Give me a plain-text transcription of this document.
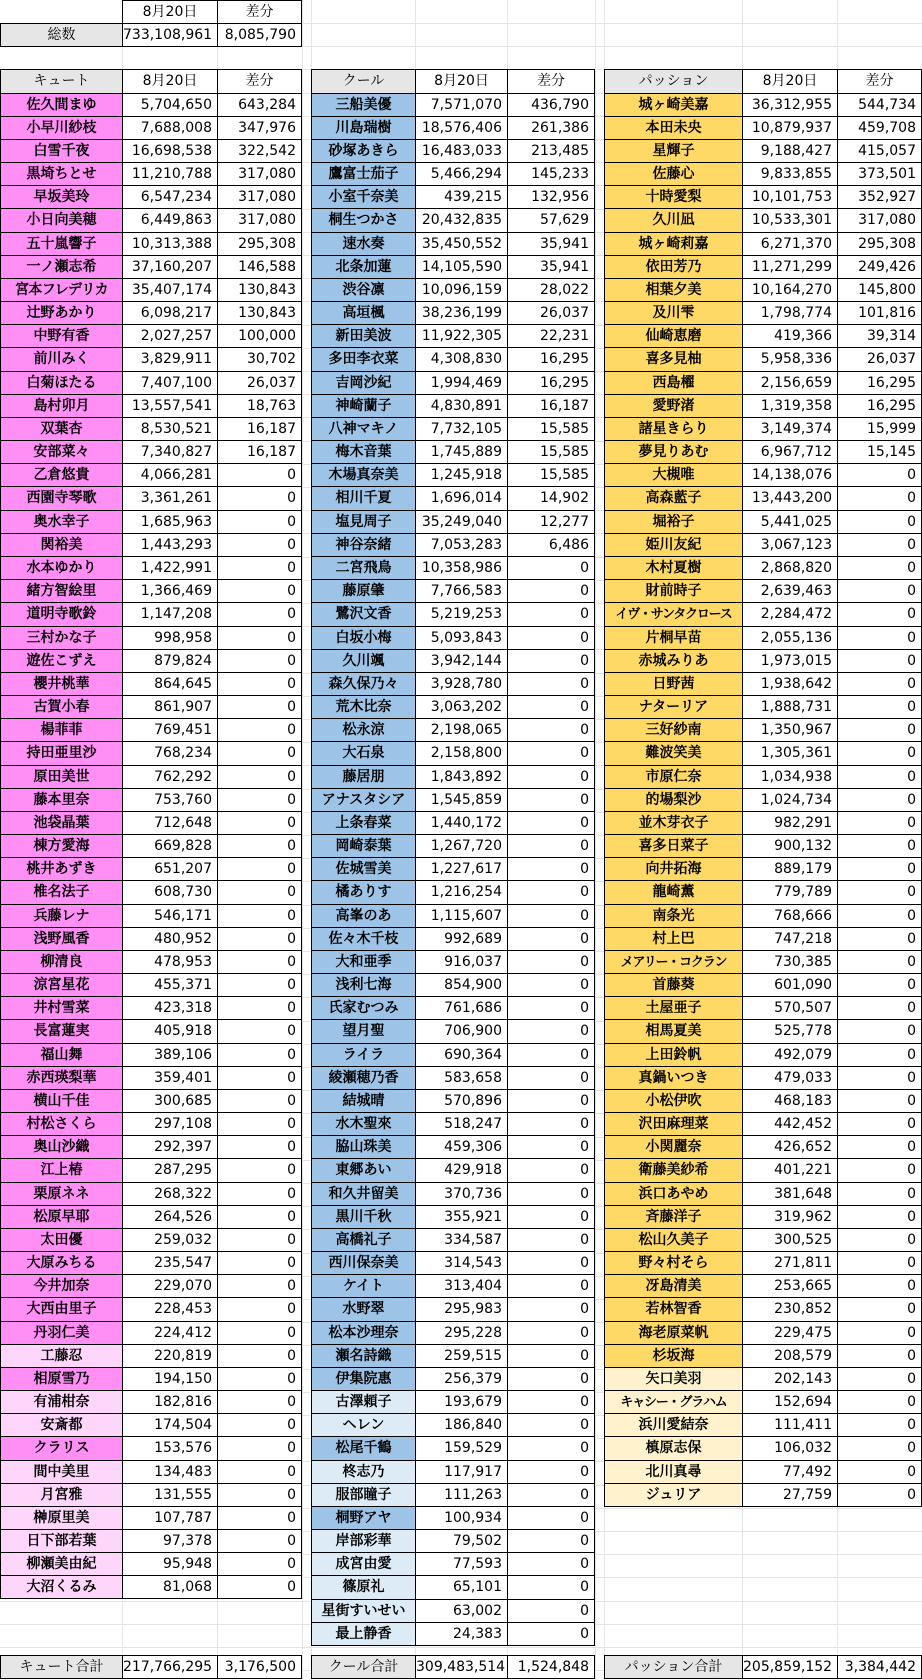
8月20日	差分
総数	733,108,961 8,085,790
キュート	8月20日	差分
佐久間まゆ	5,704,650	643,284
小早川紗枝	7,688,008	347,976
白雪千夜	16,698,538	322,542
黒埼ちとせ	11,210,788	317,080
早坂美玲	6,547,234	317,080
小日向美穂	6,449,863	317,080
五十嵐響子	10,313,388	295,308
一ノ瀬志希	37,160,207	146,588
宮本フレデリカ	35,407,174	130,843
辻野あかり	6,098,217	130,843
中野有香	2,027,257	100,000
前川みく	3,829,911	30,702
白菊ほたる	7,407,100	26,037
島村卯月	13,557,541	18,763
双葉杏	8,530,521	16,187
安部菜々	7,340,827	16,187
乙倉悠貴	4,066,281	0
西園寺琴歌	3,361,261	0
奥水幸子	1,685,963	0
関裕美	1,443,293	0
水本ゆかり	1,422,991	0
緒方智絵里	1,366,469	0
道明寺歌鈴	1,147,208	0
三村かな子	998,958	0
遊佐こずえ	879,824	0
櫻井桃華	864,645	0
古賀小春	861,907	0
楊菲菲	769,451	0
持田亜里沙	768,234	0
原田美世	762,292	0
藤本里奈	753,760	0
池袋晶葉	712,648	0
棟方愛海	669,828	0
桃井あずき	651,207	0
椎名法子	608,730	0
兵藤レナ	546,171	0
浅野風香	480,952	0
柳清良	478,953	0
涼宮星花	455,371	0
井村雪菜	423,318	0
長富蓮実	405,918	0
福山舞	389,106	0
赤西瑛梨華	359,401	0
横山千佳	300,685	0
村松さくら	297,108	0
奥山沙織	292,397	0
江上椿	287,295	0
栗原ネネ	268,322	0
松原早耶	264,526	0
太田優	259,032	0
大原みちる	235,547	0
今井加奈	229,070	0
大西由里子	228,453	0
丹羽仁美	224,412	0
工藤忍	220,819	0
相原雪乃	194,150	0
有浦柑奈	182,816	0
安斎都	174,504	0
クラリス	153,576	0
間中美里	134,483	0
月宮雅	131,555	0
榊原里美	107,787	0
日下部若葉	97,378	0
柳瀬美由紀	95,948	0
大沼くるみ	81,068	0
キュート合計	217,766,295 3,176,500
クール	8月20日	差分
三船美優	7,571,070	436,790
川島瑞樹	18,576,406	261,386
砂塚あきら	16,483,033	213,485
鷹富士茄子	5,466,294	145,233
小室千奈美	439,215	132,956
桐生つかさ	20,432,835	57,629
速水奏	35,450,552	35,941
北条加蓮	14,105,590	35,941
渋谷凛	10,096,159	28,022
高垣楓	38,236,199	26,037
新田美波	11,922,305	22,231
多田李衣菜	4,308,830	16,295
吉岡沙紀	1,994,469	16,295
神崎蘭子	4,830,891	16,187
八神マキノ	7,732,105	15,585
梅木音葉	1,745,889	15,585
木場真奈美	1,245,918	15,585
相川千夏	1,696,014	14,902
塩見周子	35,249,040	12,277
神谷奈緒	7,053,283	6,486
二宮飛鳥	10,358,986	0
藤原肇	7,766,583	0
鷺沢文香	5,219,253	0
白坂小梅	5,093,843	0
久川颯	3,942,144	0
森久保乃々	3,928,780	0
荒木比奈	3,063,202	0
松永涼	2,198,065	0
大石泉	2,158,800	0
藤居朋	1,843,892	0
アナスタシア	1,545,859	0
上条春菜	1,440,172	0
岡崎泰葉	1,267,720	0
佐城雪美	1,227,617	0
橘ありす	1,216,254	0
高峯のあ	1,115,607	0
佐々木千枝	992,689	0
大和亜季	916,037	0
浅利七海	854,900	0
氏家むつみ	761,686	0
望月聖	706,900	0
ライラ	690,364	0
綾瀬穂乃香	583,658	0
結城晴	570,896	0
水木聖來	518,247	0
脇山珠美	459,306	0
東郷あい	429,918	0
和久井留美	370,736	0
黒川千秋	355,921	0
高橋礼子	334,587	0
西川保奈美	314,543	0
ケイト	313,404	0
水野翠	295,983	0
松本沙理奈	295,228	0
瀬名詩織	259,515	0
伊集院惠	256,379	0
古澤頼子	193,679	0
ヘレン	186,840	0
松尾千鶴	159,529	0
柊志乃	117,917	0
服部瞳子	111,263	0
桐野アヤ	100,934	0
岸部彩華	79,502	0
成宮由愛	77,593	0
篠原礼	65,101	0
星街すいせい	63,002	0
最上静香	24,383	0
クール合計	309,483,514 1,524,848
パッション	8月20日	差分
城ヶ崎美嘉	36,312,955	544,734
本田未央	10,879,937	459,708
星輝子	9,188,427	415,057
佐藤心	9,833,855	373,501
十時愛梨	10,101,753	352,927
久川凪	10,533,301	317,080
城ヶ崎莉嘉	6,271,370	295,308
依田芳乃	11,271,299	249,426
相葉夕美	10,164,270	145,800
及川雫	1,798,774	101,816
仙崎恵磨	419,366	39,314
喜多見柚	5,958,336	26,037
西島櫂	2,156,659	16,295
愛野渚	1,319,358	16,295
諸星きらり	3,149,374	15,999
夢見りあむ	6,967,712	15,145
大槻唯	14,138,076	0
高森藍子	13,443,200	0
堀裕子	5,441,025	0
姫川友紀	3,067,123	0
木村夏樹	2,868,820	0
財前時子	2,639,463	0
イヴ・サンタクロース	2,284,472	0
片桐早苗	2,055,136	0
赤城みりあ	1,973,015	0
日野茜	1,938,642	0
ナターリア	1,888,731	0
三好紗南	1,350,967	0
難波笑美	1,305,361	0
市原仁奈	1,034,938	0
的場梨沙	1,024,734	0
並木芽衣子	982,291	0
喜多日菜子	900,132	0
向井拓海	889,179	0
龍崎薫	779,789	0
南条光	768,666	0
村上巴	747,218	0
メアリー・コクラン	730,385	0
首藤葵	601,090	0
土屋亜子	570,507	0
相馬夏美	525,778	0
上田鈴帆	492,079	0
真鍋いつき	479,033	0
小松伊吹	468,183	0
沢田麻理菜	442,452	0
小関麗奈	426,652	0
衛藤美紗希	401,221	0
浜口あやめ	381,648	0
斉藤洋子	319,962	0
松山久美子	300,525	0
野々村そら	271,811	0
冴島清美	253,665	0
若林智香	230,852	0
海老原菜帆	229,475	0
杉坂海	208,579	0
矢口美羽	202,143	0
キャシー・グラハム	152,694	0
浜川愛結奈	111,411	0
槙原志保	106,032	0
北川真尋	77,492	0
ジュリア	27,759	0
パッション合計	205,859,152 3,384,442
